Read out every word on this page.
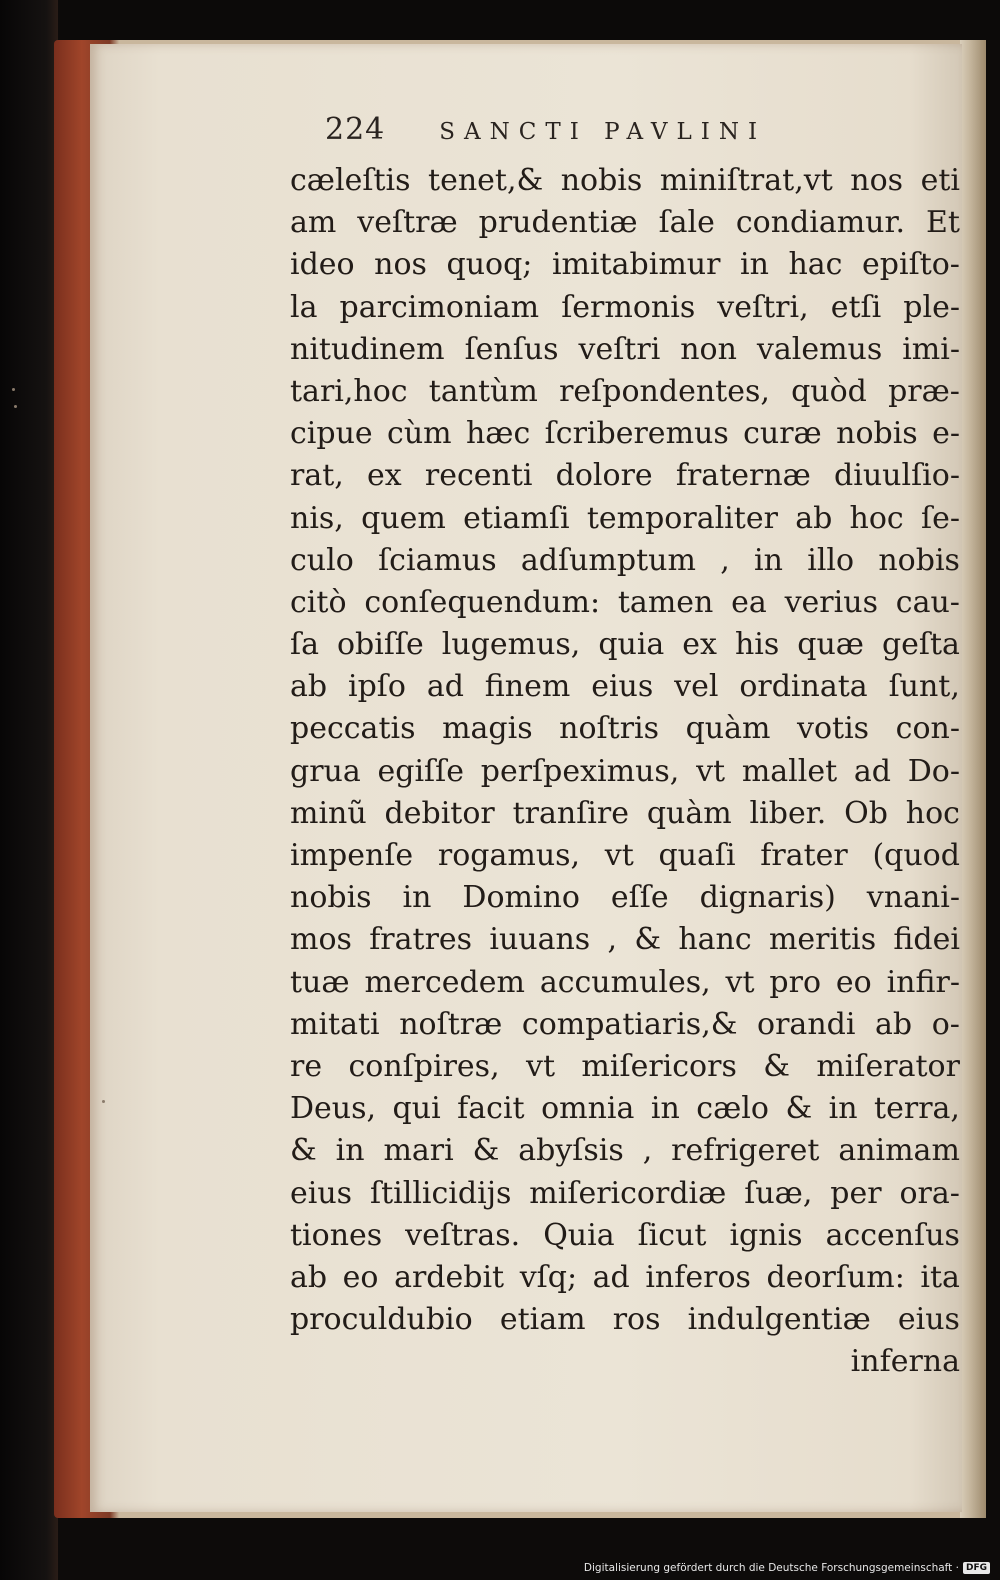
224 SANCTI PAVLINI
cæleſtis tenet,& nobis miniſtrat,vt nos eti
am veſtræ prudentiæ ſale condiamur. Et
ideo nos quoq; imitabimur in hac epiſto-
la parcimoniam ſermonis veſtri, etſi ple-
nitudinem ſenſus veſtri non valemus imi-
tari,hoc tantùm reſpondentes, quòd præ-
cipue cùm hæc ſcriberemus curæ nobis e-
rat, ex recenti dolore fraternæ diuulſio-
nis, quem etiamſi temporaliter ab hoc ſe-
culo ſciamus adſumptum , in illo nobis
citò conſequendum: tamen ea verius cau-
ſa obiſſe lugemus, quia ex his quæ geſta
ab ipſo ad finem eius vel ordinata ſunt,
peccatis magis noſtris quàm votis con-
grua egiſſe perſpeximus, vt mallet ad Do-
minũ debitor tranſire quàm liber. Ob hoc
impenſe rogamus, vt quaſi frater (quod
nobis in Domino eſſe dignaris) vnani-
mos fratres iuuans , & hanc meritis fidei
tuæ mercedem accumules, vt pro eo infir-
mitati noſtræ compatiaris,& orandi ab o-
re conſpires, vt miſericors & miſerator
Deus, qui facit omnia in cælo & in terra,
& in mari & abyſsis , refrigeret animam
eius ſtillicidijs miſericordiæ ſuæ, per ora-
tiones veſtras. Quia ſicut ignis accenſus
ab eo ardebit vſq; ad inferos deorſum: ita
proculdubio etiam ros indulgentiæ eius
inferna
Digitalisierung gefördert durch die Deutsche Forschungsgemeinschaft · DFG
